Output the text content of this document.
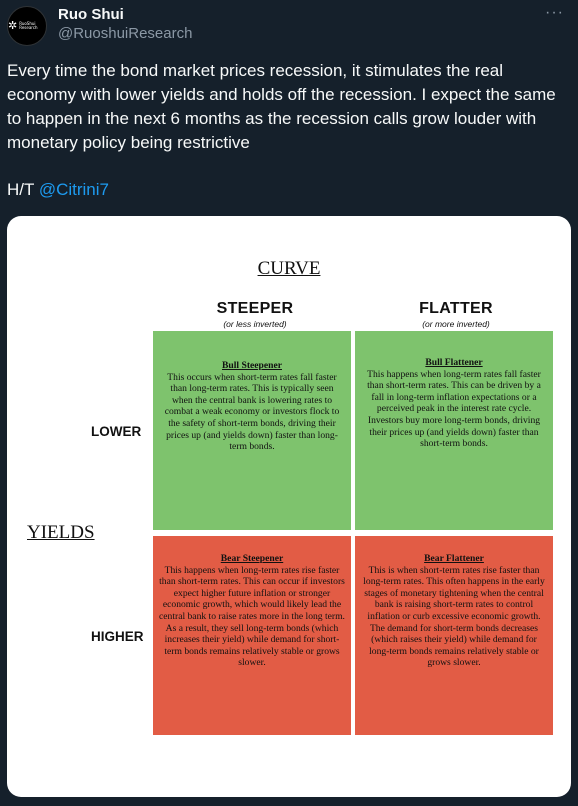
✲ RuoShui Research
Ruo Shui
@RuoshuiResearch
···
Every time the bond market prices recession, it stimulates the real economy with lower yields and holds off the recession. I expect the same to happen in the next 6 months as the recession calls grow louder with monetary policy being restrictive
H/T @Citrini7
CURVE
STEEPER
(or less inverted)
FLATTER
(or more inverted)
LOWER
HIGHER
YIELDS
Bull Steepener
This occurs when short-term rates fall faster than long-term rates. This is typically seen when the central bank is lowering rates to combat a weak economy or investors flock to the safety of short-term bonds, driving their prices up (and yields down) faster than long-term bonds.
Bull Flattener
This happens when long-term rates fall faster than short-term rates. This can be driven by a fall in long-term inflation expectations or a perceived peak in the interest rate cycle. Investors buy more long-term bonds, driving their prices up (and yields down) faster than short-term bonds.
Bear Steepener
This happens when long-term rates rise faster than short-term rates. This can occur if investors expect higher future inflation or stronger economic growth, which would likely lead the central bank to raise rates more in the long term. As a result, they sell long-term bonds (which increases their yield) while demand for short-term bonds remains relatively stable or grows slower.
Bear Flattener
This is when short-term rates rise faster than long-term rates. This often happens in the early stages of monetary tightening when the central bank is raising short-term rates to control inflation or curb excessive economic growth. The demand for short-term bonds decreases (which raises their yield) while demand for long-term bonds remains relatively stable or grows slower.
